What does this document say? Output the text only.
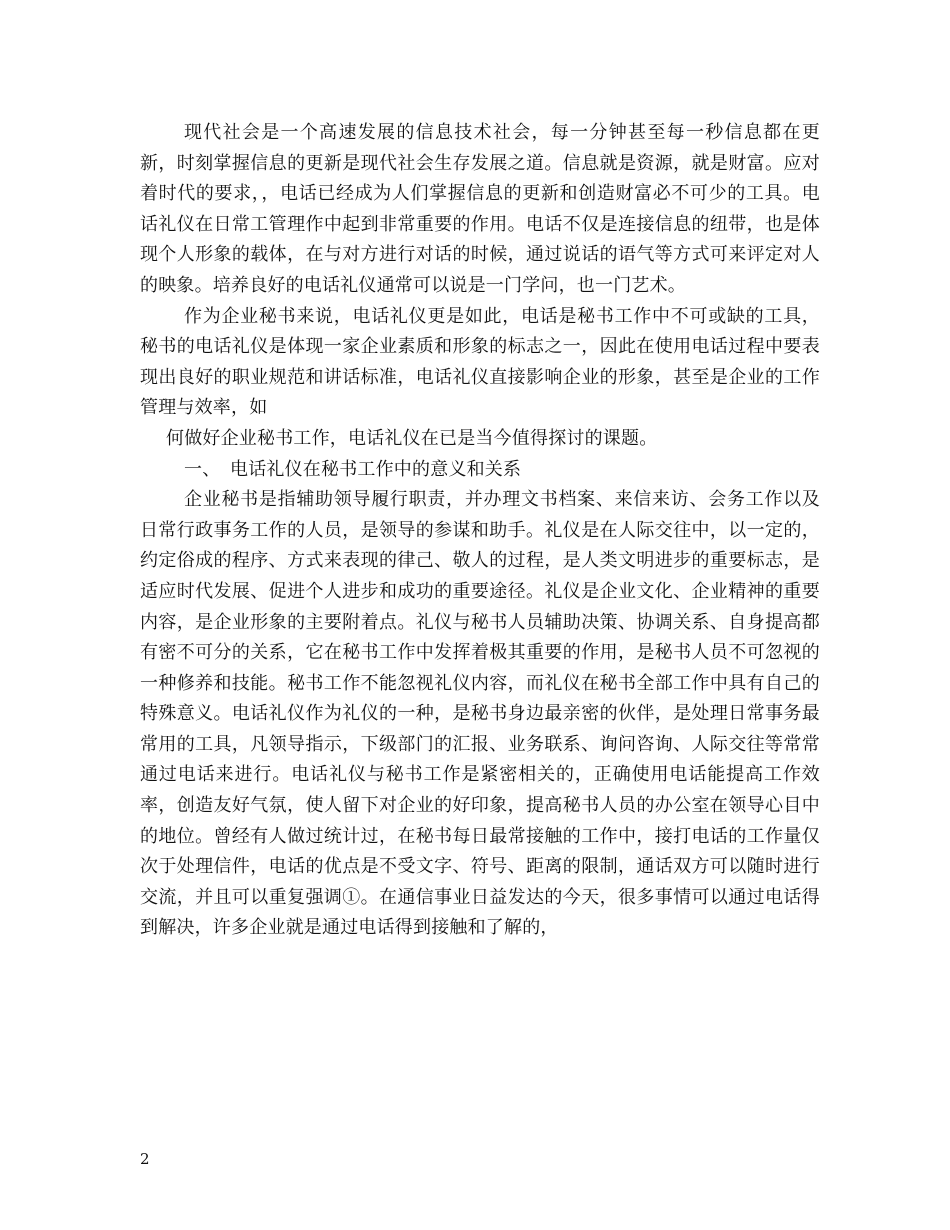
现代社会是一个高速发展的信息技术社会，每一分钟甚至每一秒信息都在更新，时刻掌握信息的更新是现代社会生存发展之道。信息就是资源，就是财富。应对着时代的要求，，电话已经成为人们掌握信息的更新和创造财富必不可少的工具。电话礼仪在日常工管理作中起到非常重要的作用。电话不仅是连接信息的纽带，也是体现个人形象的载体，在与对方进行对话的时候，通过说话的语气等方式可来评定对人的映象。培养良好的电话礼仪通常可以说是一门学问，也一门艺术。

作为企业秘书来说，电话礼仪更是如此，电话是秘书工作中不可或缺的工具，秘书的电话礼仪是体现一家企业素质和形象的标志之一，因此在使用电话过程中要表现出良好的职业规范和讲话标准，电话礼仪直接影响企业的形象，甚至是企业的工作管理与效率，如

何做好企业秘书工作，电话礼仪在已是当今值得探讨的课题。

一、 电话礼仪在秘书工作中的意义和关系

企业秘书是指辅助领导履行职责，并办理文书档案、来信来访、会务工作以及日常行政事务工作的人员，是领导的参谋和助手。礼仪是在人际交往中，以一定的，约定俗成的程序、方式来表现的律己、敬人的过程，是人类文明进步的重要标志，是适应时代发展、促进个人进步和成功的重要途径。礼仪是企业文化、企业精神的重要内容，是企业形象的主要附着点。礼仪与秘书人员辅助决策、协调关系、自身提高都有密不可分的关系，它在秘书工作中发挥着极其重要的作用，是秘书人员不可忽视的一种修养和技能。秘书工作不能忽视礼仪内容，而礼仪在秘书全部工作中具有自己的特殊意义。电话礼仪作为礼仪的一种，是秘书身边最亲密的伙伴，是处理日常事务最常用的工具，凡领导指示，下级部门的汇报、业务联系、询问咨询、人际交往等常常通过电话来进行。电话礼仪与秘书工作是紧密相关的，正确使用电话能提高工作效率，创造友好气氛，使人留下对企业的好印象，提高秘书人员的办公室在领导心目中的地位。曾经有人做过统计过，在秘书每日最常接触的工作中，接打电话的工作量仅次于处理信件，电话的优点是不受文字、符号、距离的限制，通话双方可以随时进行交流，并且可以重复强调①。在通信事业日益发达的今天，很多事情可以通过电话得到解决，许多企业就是通过电话得到接触和了解的，

2
